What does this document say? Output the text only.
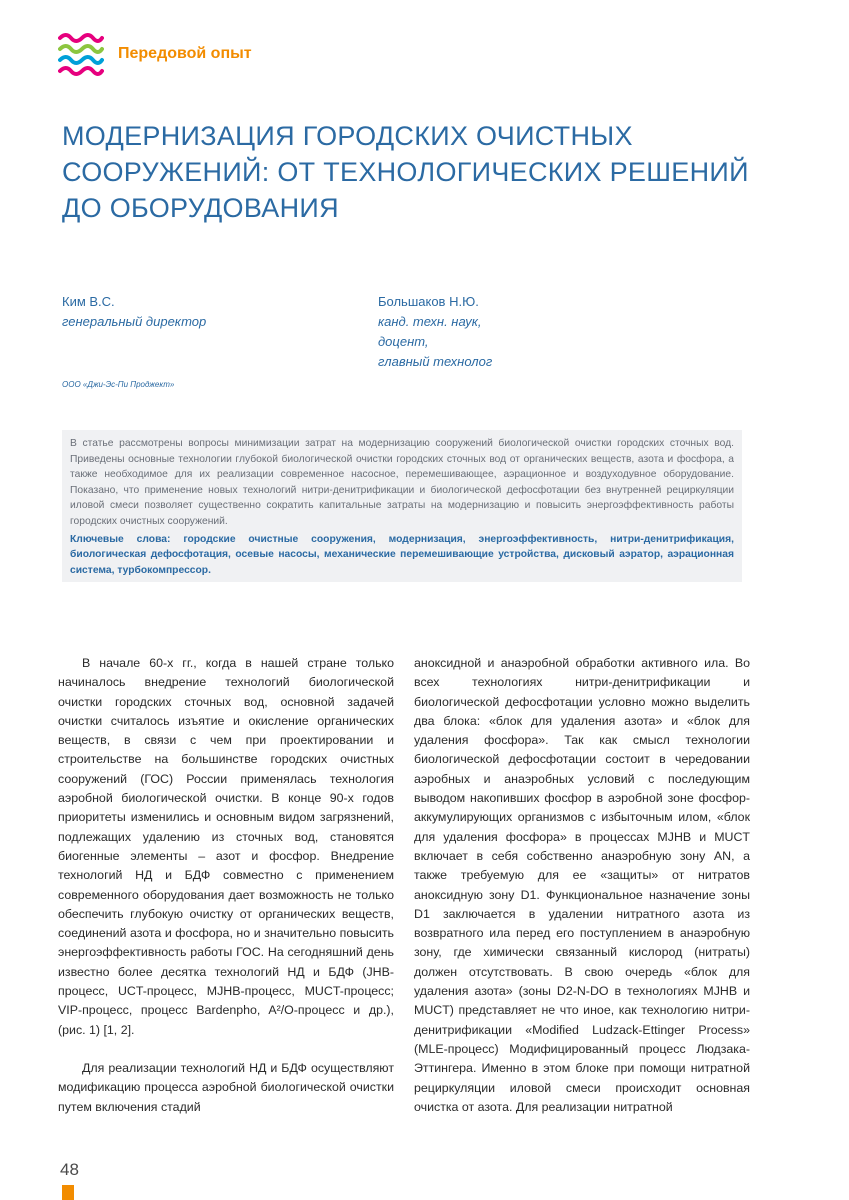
Передовой опыт
МОДЕРНИЗАЦИЯ ГОРОДСКИХ ОЧИСТНЫХ СООРУЖЕНИЙ: ОТ ТЕХНОЛОГИЧЕСКИХ РЕШЕНИЙ ДО ОБОРУДОВАНИЯ
Ким В.С.
генеральный директор
Большаков Н.Ю.
канд. техн. наук,
доцент,
главный технолог
ООО «Джи-Эс-Пи Проджект»

В статье рассмотрены вопросы минимизации затрат на модернизацию сооружений биологической очистки городских сточных вод. Приведены основные технологии глубокой биологической очистки городских сточных вод от органических веществ, азота и фосфора, а также необходимое для их реализации современное насосное, перемешивающее, аэрационное и воздуходувное оборудование. Показано, что применение новых технологий нитри-денитрификации и биологической дефосфотации без внутренней рециркуляции иловой смеси позволяет существенно сократить капитальные затраты на модернизацию и повысить энергоэффективность работы городских очистных сооружений.

Ключевые слова: городские очистные сооружения, модернизация, энергоэффективность, нитри-денитрификация, биологическая дефосфотация, осевые насосы, механические перемешивающие устройства, дисковый аэратор, аэрационная система, турбокомпрессор.

В начале 60-х гг., когда в нашей стране только начиналось внедрение технологий биологической очистки городских сточных вод, основной задачей очистки считалось изъятие и окисление органических веществ, в связи с чем при проектировании и строительстве на большинстве городских очистных сооружений (ГОС) России применялась технология аэробной биологической очистки. В конце 90-х годов приоритеты изменились и основным видом загрязнений, подлежащих удалению из сточных вод, становятся биогенные элементы – азот и фосфор. Внедрение технологий НД и БДФ совместно с применением современного оборудования дает возможность не только обеспечить глубокую очистку от органических веществ, соединений азота и фосфора, но и значительно повысить энергоэффективность работы ГОС. На сегодняшний день известно более десятка технологий НД и БДФ (JHB-процесс, UCT-процесс, MJHB-процесс, MUCT-процесс; VIP-процесс, процесс Bardenpho, A²/O-процесс и др.), (рис. 1) [1, 2].

Для реализации технологий НД и БДФ осуществляют модификацию процесса аэробной биологической очистки путем включения стадий

аноксидной и анаэробной обработки активного ила. Во всех технологиях нитри-денитрификации и биологической дефосфотации условно можно выделить два блока: «блок для удаления азота» и «блок для удаления фосфора». Так как смысл технологии биологической дефосфотации состоит в чередовании аэробных и анаэробных условий с последующим выводом накопивших фосфор в аэробной зоне фосфор-аккумулирующих организмов с избыточным илом, «блок для удаления фосфора» в процессах MJHB и MUCT включает в себя собственно анаэробную зону AN, а также требуемую для ее «защиты» от нитратов аноксидную зону D1. Функциональное назначение зоны D1 заключается в удалении нитратного азота из возвратного ила перед его поступлением в анаэробную зону, где химически связанный кислород (нитраты) должен отсутствовать. В свою очередь «блок для удаления азота» (зоны D2-N-DO в технологиях MJHB и MUCT) представляет не что иное, как технологию нитри-денитрификации «Modified Ludzack-Ettinger Process» (MLE-процесс) Модифицированный процесс Людзака-Эттингера. Именно в этом блоке при помощи нитратной рециркуляции иловой смеси происходит основная очистка от азота. Для реализации нитратной

48
